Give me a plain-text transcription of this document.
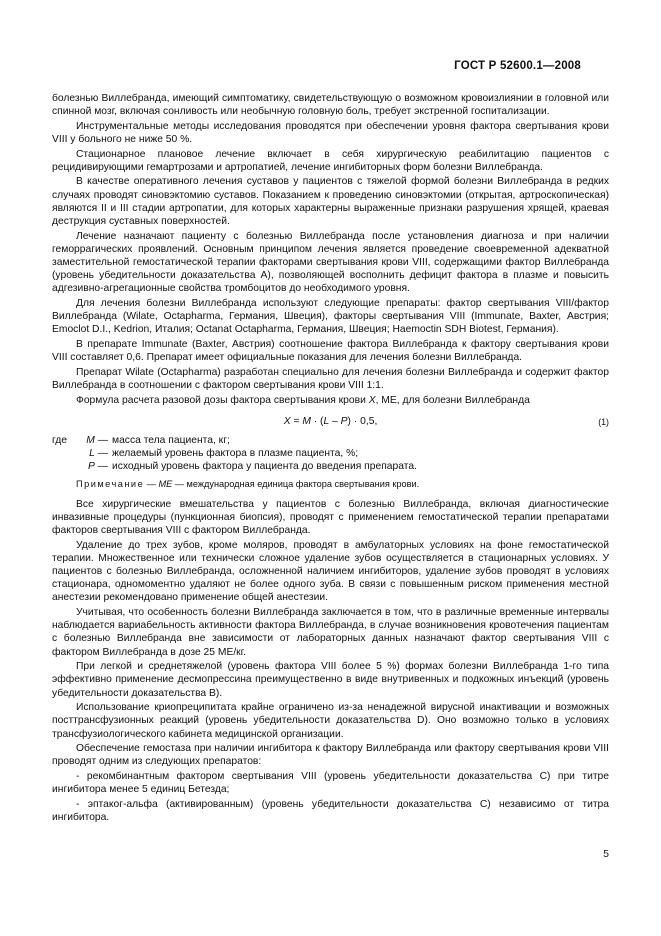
ГОСТ Р 52600.1—2008

болезнью Виллебранда, имеющий симптоматику, свидетельствующую о возможном кровоизлиянии в головной или спинной мозг, включая сонливость или необычную головную боль, требует экстренной госпитализации.

Инструментальные методы исследования проводятся при обеспечении уровня фактора свертывания крови VIII у больного не ниже 50 %.

Стационарное плановое лечение включает в себя хирургическую реабилитацию пациентов с рецидивирующими гемартрозами и артропатией, лечение ингибиторных форм болезни Виллебранда.

В качестве оперативного лечения суставов у пациентов с тяжелой формой болезни Виллебранда в редких случаях проводят синовэктомию суставов. Показанием к проведению синовэктомии (открытая, артроскопическая) являются II и III стадии артропатии, для которых характерны выраженные признаки разрушения хрящей, краевая деструкция суставных поверхностей.

Лечение назначают пациенту с болезнью Виллебранда после установления диагноза и при наличии геморрагических проявлений. Основным принципом лечения является проведение своевременной адекватной заместительной гемостатической терапии факторами свертывания крови VIII, содержащими фактор Виллебранда (уровень убедительности доказательства А), позволяющей восполнить дефицит фактора в плазме и повысить адгезивно-агрегационные свойства тромбоцитов до необходимого уровня.

Для лечения болезни Виллебранда используют следующие препараты: фактор свертывания VIII/фактор Виллебранда (Wilate, Octapharma, Германия, Швеция), факторы свертывания VIII (Immunate, Baxter, Австрия; Emoclot D.I., Kedrion, Италия; Octanat Octapharma, Германия, Швеция; Haemoctin SDH Biotest, Германия).

В препарате Immunate (Baxter, Австрия) соотношение фактора Виллебранда к фактору свертывания крови VIII составляет 0,6. Препарат имеет официальные показания для лечения болезни Виллебранда.

Препарат Wilate (Octapharma) разработан специально для лечения болезни Виллебранда и содержит фактор Виллебранда в соотношении с фактором свертывания крови VIII 1:1.

Формула расчета разовой дозы фактора свертывания крови X, МЕ, для болезни Виллебранда

X = M · (L – P) · 0,5,	(1)
где	M — масса тела пациента, кг;
L — желаемый уровень фактора в плазме пациента, %;
P — исходный уровень фактора у пациента до введения препарата.
Примечание — МЕ — международная единица фактора свертывания крови.

Все хирургические вмешательства у пациентов с болезнью Виллебранда, включая диагностические инвазивные процедуры (пункционная биопсия), проводят с применением гемостатической терапии препаратами факторов свертывания VIII с фактором Виллебранда.

Удаление до трех зубов, кроме моляров, проводят в амбулаторных условиях на фоне гемостатической терапии. Множественное или технически сложное удаление зубов осуществляется в стационарных условиях. У пациентов с болезнью Виллебранда, осложненной наличием ингибиторов, удаление зубов проводят в условиях стационара, одномоментно удаляют не более одного зуба. В связи с повышенным риском применения местной анестезии рекомендовано применение общей анестезии.

Учитывая, что особенность болезни Виллебранда заключается в том, что в различные временные интервалы наблюдается вариабельность активности фактора Виллебранда, в случае возникновения кровотечения пациентам с болезнью Виллебранда вне зависимости от лабораторных данных назначают фактор свертывания VIII с фактором Виллебранда в дозе 25 МЕ/кг.

При легкой и среднетяжелой (уровень фактора VIII более 5 %) формах болезни Виллебранда 1-го типа эффективно применение десмопрессина преимущественно в виде внутривенных и подкожных инъекций (уровень убедительности доказательства В).

Использование криопреципитата крайне ограничено из-за ненадежной вирусной инактивации и возможных посттрансфузионных реакций (уровень убедительности доказательства D). Оно возможно только в условиях трансфузиологического кабинета медицинской организации.

Обеспечение гемостаза при наличии ингибитора к фактору Виллебранда или фактору свертывания крови VIII проводят одним из следующих препаратов:

- рекомбинантным фактором свертывания VIII (уровень убедительности доказательства С) при титре ингибитора менее 5 единиц Бетезда;

- эптаког-альфа (активированным) (уровень убедительности доказательства С) независимо от титра ингибитора.

5
